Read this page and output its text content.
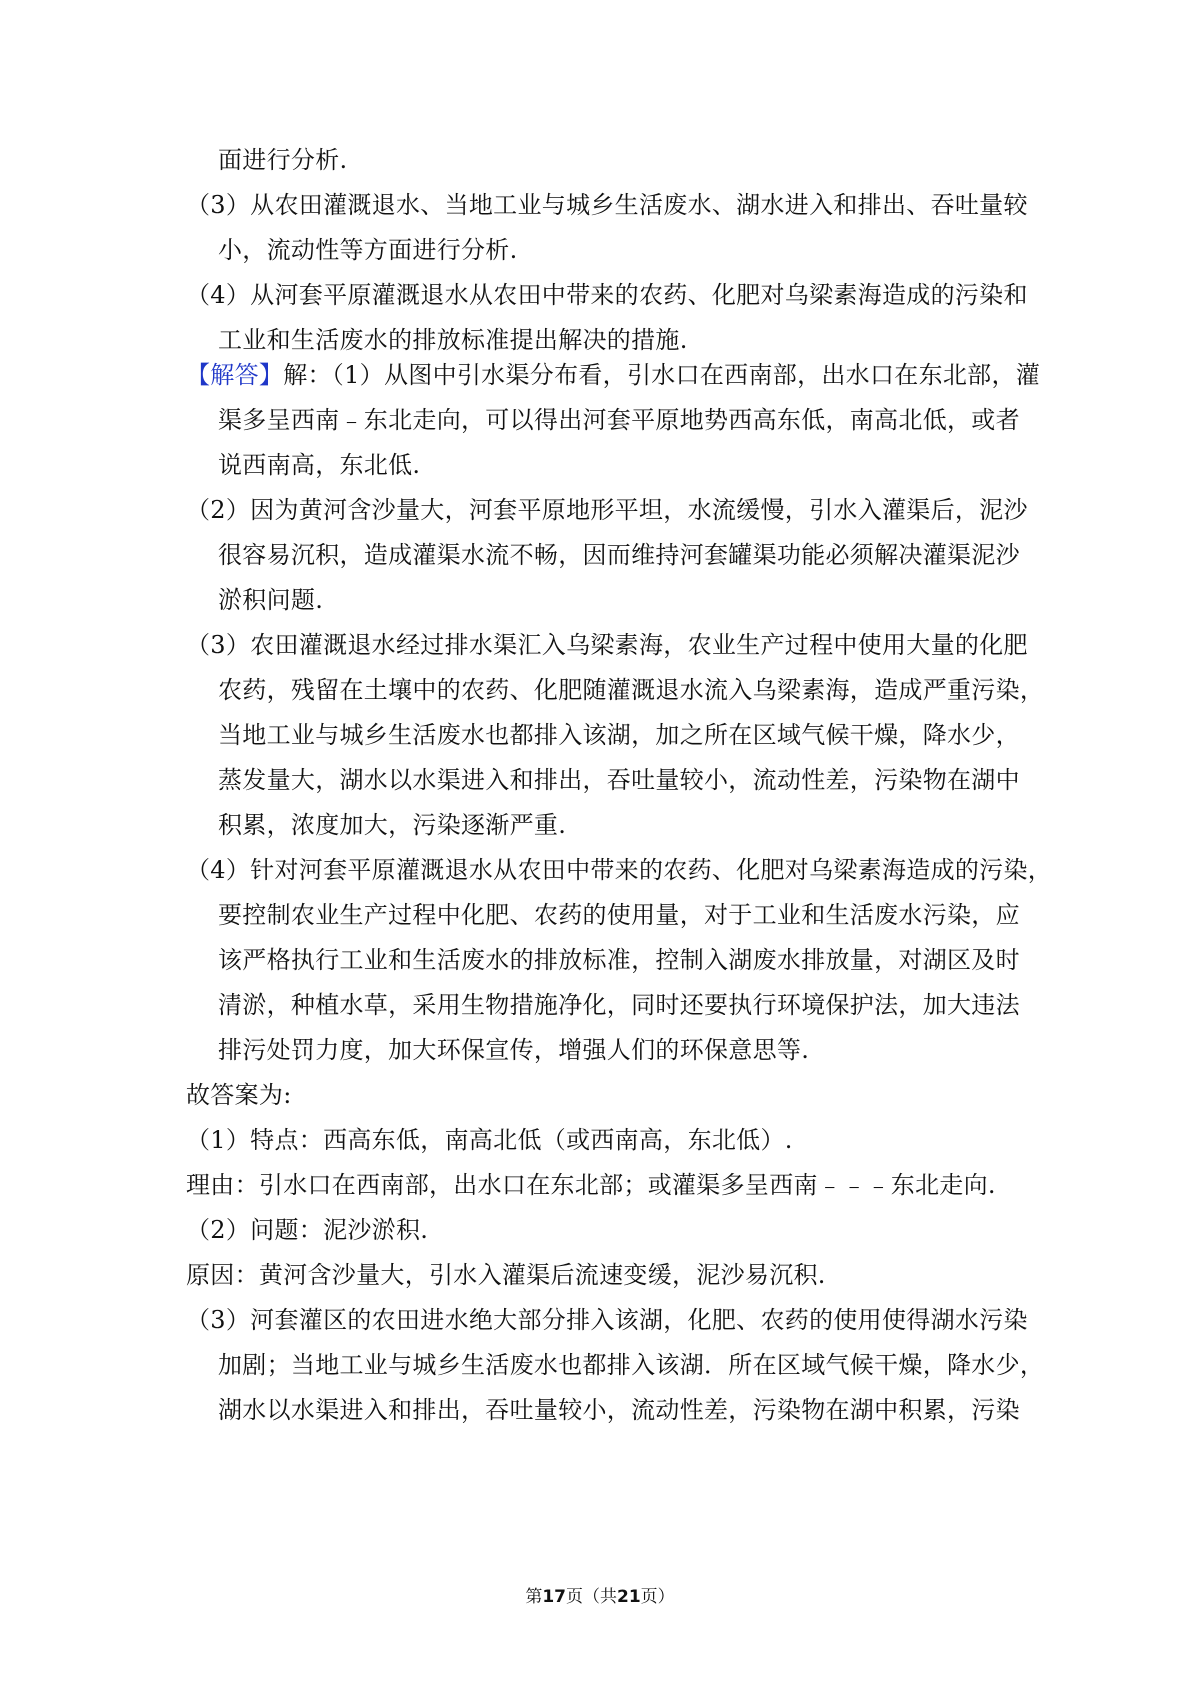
面进行分析.
（3）从农田灌溉退水、当地工业与城乡生活废水、湖水进入和排出、吞吐量较
小，流动性等方面进行分析.
（4）从河套平原灌溉退水从农田中带来的农药、化肥对乌梁素海造成的污染和
工业和生活废水的排放标准提出解决的措施.
【解答】解：（1）从图中引水渠分布看，引水口在西南部，出水口在东北部，灌
渠多呈西南﹣东北走向，可以得出河套平原地势西高东低，南高北低，或者
说西南高，东北低.
（2）因为黄河含沙量大，河套平原地形平坦，水流缓慢，引水入灌渠后，泥沙
很容易沉积，造成灌渠水流不畅，因而维持河套罐渠功能必须解决灌渠泥沙
淤积问题.
（3）农田灌溉退水经过排水渠汇入乌梁素海，农业生产过程中使用大量的化肥
农药，残留在土壤中的农药、化肥随灌溉退水流入乌梁素海，造成严重污染，
当地工业与城乡生活废水也都排入该湖，加之所在区域气候干燥，降水少，
蒸发量大，湖水以水渠进入和排出，吞吐量较小，流动性差，污染物在湖中
积累，浓度加大，污染逐渐严重.
（4）针对河套平原灌溉退水从农田中带来的农药、化肥对乌梁素海造成的污染，
要控制农业生产过程中化肥、农药的使用量，对于工业和生活废水污染，应
该严格执行工业和生活废水的排放标准，控制入湖废水排放量，对湖区及时
清淤，种植水草，采用生物措施净化，同时还要执行环境保护法，加大违法
排污处罚力度，加大环保宣传，增强人们的环保意思等.
故答案为:
（1）特点：西高东低，南高北低（或西南高，东北低）.
理由：引水口在西南部，出水口在东北部；或灌渠多呈西南﹣﹣﹣东北走向.
（2）问题：泥沙淤积.
原因：黄河含沙量大，引水入灌渠后流速变缓，泥沙易沉积.
（3）河套灌区的农田进水绝大部分排入该湖，化肥、农药的使用使得湖水污染
加剧；当地工业与城乡生活废水也都排入该湖．所在区域气候干燥，降水少，
湖水以水渠进入和排出，吞吐量较小，流动性差，污染物在湖中积累，污染
第17页（共21页）
